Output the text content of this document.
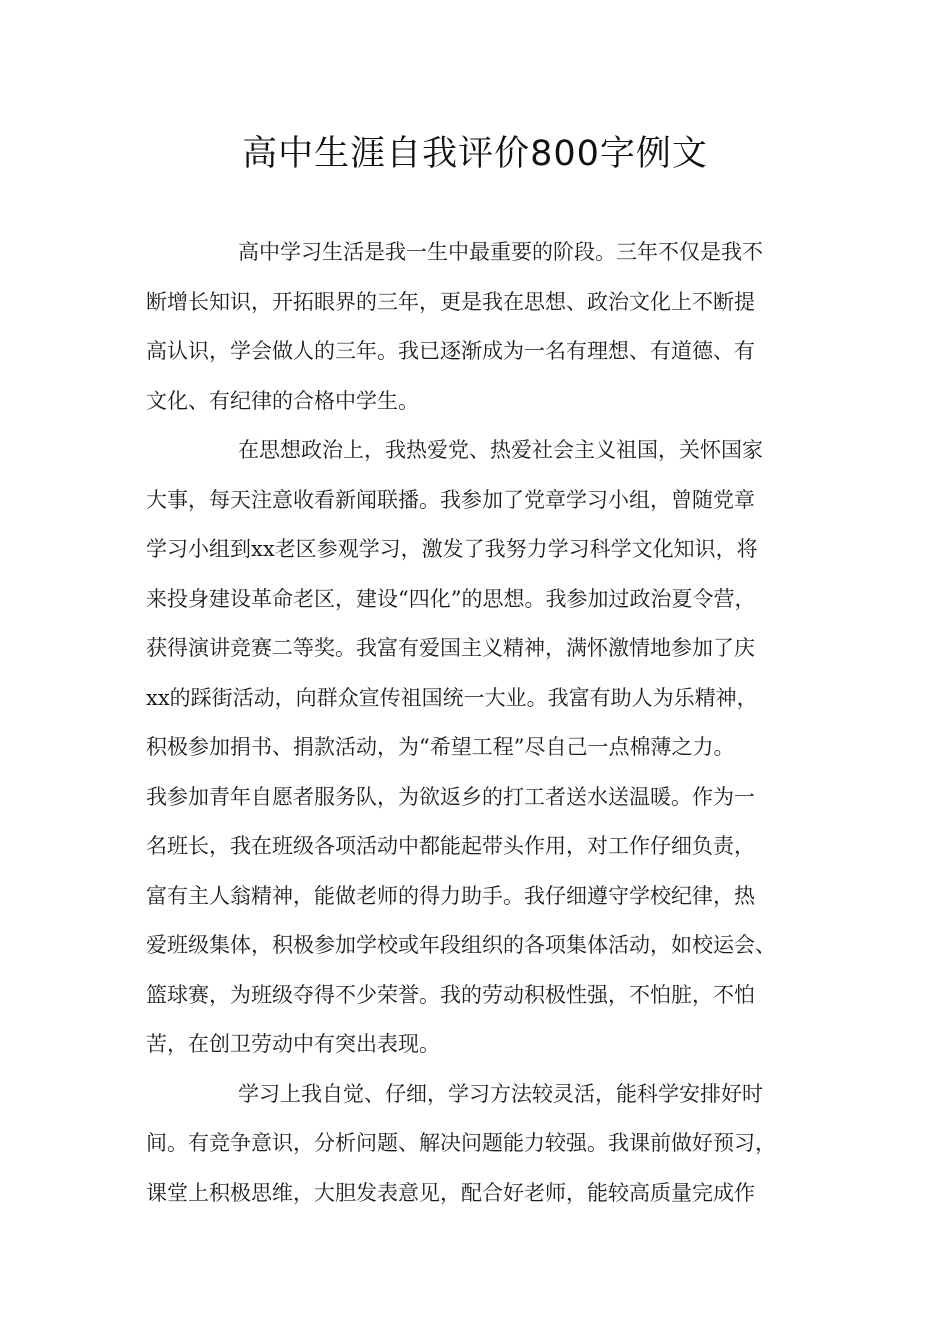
高中生涯自我评价800字例文
高中学习生活是我一生中最重要的阶段。三年不仅是我不
断增长知识，开拓眼界的三年，更是我在思想、政治文化上不断提
高认识，学会做人的三年。我已逐渐成为一名有理想、有道德、有
文化、有纪律的合格中学生。
在思想政治上，我热爱党、热爱社会主义祖国，关怀国家
大事，每天注意收看新闻联播。我参加了党章学习小组，曾随党章
学习小组到xx老区参观学习，激发了我努力学习科学文化知识，将
来投身建设革命老区，建设“四化”的思想。我参加过政治夏令营，
获得演讲竞赛二等奖。我富有爱国主义精神，满怀激情地参加了庆
xx的踩街活动，向群众宣传祖国统一大业。我富有助人为乐精神，
积极参加捐书、捐款活动，为“希望工程”尽自己一点棉薄之力。
我参加青年自愿者服务队，为欲返乡的打工者送水送温暖。作为一
名班长，我在班级各项活动中都能起带头作用，对工作仔细负责，
富有主人翁精神，能做老师的得力助手。我仔细遵守学校纪律，热
爱班级集体，积极参加学校或年段组织的各项集体活动，如校运会、
篮球赛，为班级夺得不少荣誉。我的劳动积极性强，不怕脏，不怕
苦，在创卫劳动中有突出表现。
学习上我自觉、仔细，学习方法较灵活，能科学安排好时
间。有竞争意识，分析问题、解决问题能力较强。我课前做好预习，
课堂上积极思维，大胆发表意见，配合好老师，能较高质量完成作
